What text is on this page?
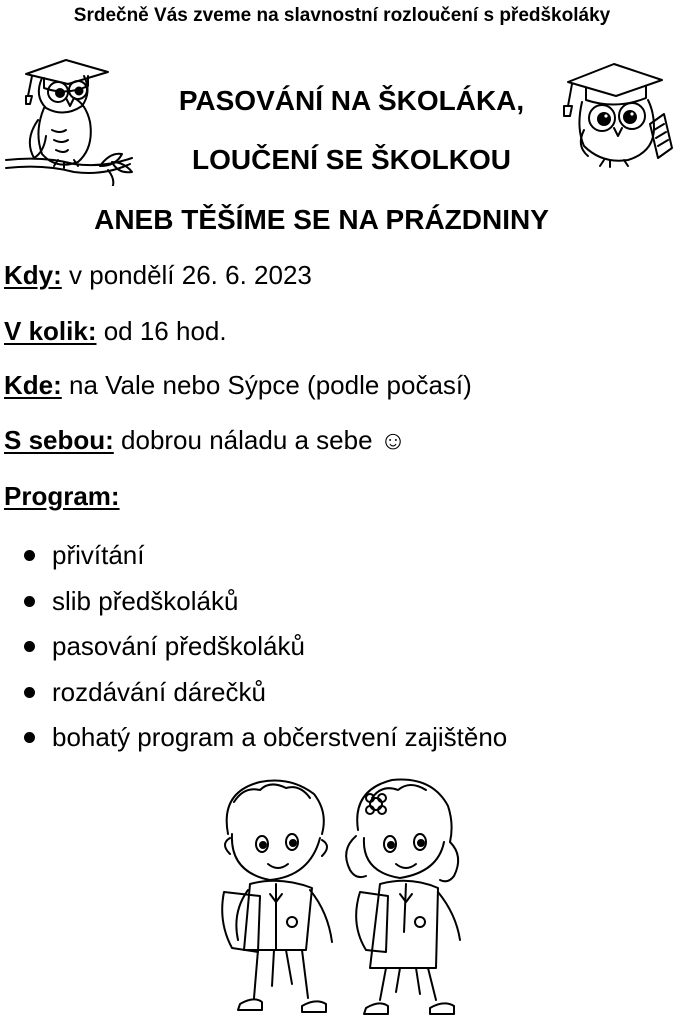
Srdečně Vás zveme na slavnostní rozloučení s předškoláky
PASOVÁNÍ NA ŠKOLÁKA,
LOUČENÍ SE ŠKOLKOU
ANEB TĚŠÍME SE NA PRÁZDNINY
Kdy: v pondělí 26. 6. 2023
V kolik: od 16 hod.
Kde: na Vale nebo Sýpce (podle počasí)
S sebou: dobrou náladu a sebe ☺
Program:
přivítání
slib předškoláků
pasování předškoláků
rozdávání dárečků
bohatý program a občerstvení zajištěno
